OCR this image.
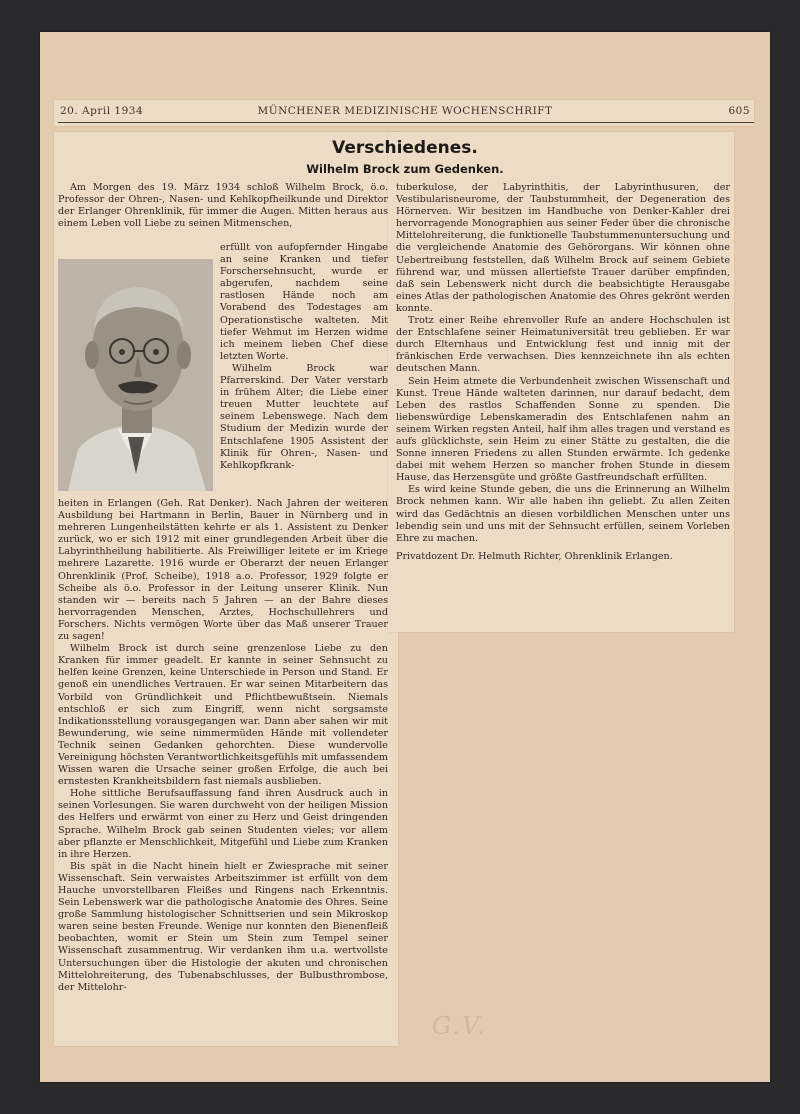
20. April 1934	MÜNCHENER MEDIZINISCHE WOCHENSCHRIFT	605
Verschiedenes.
Wilhelm Brock zum Gedenken.

Am Morgen des 19. März 1934 schloß Wilhelm Brock, ö.o. Professor der Ohren-, Nasen- und Kehlkopfheilkunde und Direktor der Erlanger Ohrenklinik, für immer die Augen. Mitten heraus aus einem Leben voll Liebe zu seinen Mitmenschen,

erfüllt von aufopfernder Hingabe an seine Kranken und tiefer Forschersehnsucht, wurde er abgerufen, nachdem seine rastlosen Hände noch am Vorabend des Todestages am Operationstische walteten. Mit tiefer Wehmut im Herzen widme ich meinem lieben Chef diese letzten Worte.

Wilhelm Brock war Pfarrerskind. Der Vater verstarb in frühem Alter; die Liebe einer treuen Mutter leuchtete auf seinem Lebenswege. Nach dem Studium der Medizin wurde der Entschlafene 1905 Assistent der Klinik für Ohren-, Nasen- und Kehlkopfkrank-

heiten in Erlangen (Geh. Rat Denker). Nach Jahren der weiteren Ausbildung bei Hartmann in Berlin, Bauer in Nürnberg und in mehreren Lungenheilstätten kehrte er als 1. Assistent zu Denker zurück, wo er sich 1912 mit einer grundlegenden Arbeit über die Labyrinthheilung habilitierte. Als Freiwilliger leitete er im Kriege mehrere Lazarette. 1916 wurde er Oberarzt der neuen Erlanger Ohrenklinik (Prof. Scheibe), 1918 a.o. Professor, 1929 folgte er Scheibe als ö.o. Professor in der Leitung unserer Klinik. Nun standen wir — bereits nach 5 Jahren — an der Bahre dieses hervorragenden Menschen, Arztes, Hochschullehrers und Forschers. Nichts vermögen Worte über das Maß unserer Trauer zu sagen!

Wilhelm Brock ist durch seine grenzenlose Liebe zu den Kranken für immer geadelt. Er kannte in seiner Sehnsucht zu helfen keine Grenzen, keine Unterschiede in Person und Stand. Er genoß ein unendliches Vertrauen. Er war seinen Mitarbeitern das Vorbild von Gründlichkeit und Pflichtbewußtsein. Niemals entschloß er sich zum Eingriff, wenn nicht sorgsamste Indikationsstellung vorausgegangen war. Dann aber sahen wir mit Bewunderung, wie seine nimmermüden Hände mit vollendeter Technik seinen Gedanken gehorchten. Diese wundervolle Vereinigung höchsten Verantwortlichkeitsgefühls mit umfassendem Wissen waren die Ursache seiner großen Erfolge, die auch bei ernstesten Krankheitsbildern fast niemals ausblieben.

Hohe sittliche Berufsauffassung fand ihren Ausdruck auch in seinen Vorlesungen. Sie waren durchweht von der heiligen Mission des Helfers und erwärmt von einer zu Herz und Geist dringenden Sprache. Wilhelm Brock gab seinen Studenten vieles; vor allem aber pflanzte er Menschlichkeit, Mitgefühl und Liebe zum Kranken in ihre Herzen.

Bis spät in die Nacht hinein hielt er Zwiesprache mit seiner Wissenschaft. Sein verwaistes Arbeitszimmer ist erfüllt von dem Hauche unvorstellbaren Fleißes und Ringens nach Erkenntnis. Sein Lebenswerk war die pathologische Anatomie des Ohres. Seine große Sammlung histologischer Schnittserien und sein Mikroskop waren seine besten Freunde. Wenige nur konnten den Bienenfleiß beobachten, womit er Stein um Stein zum Tempel seiner Wissenschaft zusammentrug. Wir verdanken ihm u.a. wertvollste Untersuchungen über die Histologie der akuten und chronischen Mittelohreiterung, des Tubenabschlusses, der Bulbusthrombose, der Mittelohr-

tuberkulose, der Labyrinthitis, der Labyrinthusuren, der Vestibularisneurome, der Taubstummheit, der Degeneration des Hörnerven. Wir besitzen im Handbuche von Denker-Kahler drei hervorragende Monographien aus seiner Feder über die chronische Mittelohreiterung, die funktionelle Taubstummenuntersuchung und die vergleichende Anatomie des Gehörorgans. Wir können ohne Uebertreibung feststellen, daß Wilhelm Brock auf seinem Gebiete führend war, und müssen allertiefste Trauer darüber empfinden, daß sein Lebenswerk nicht durch die beabsichtigte Herausgabe eines Atlas der pathologischen Anatomie des Ohres gekrönt werden konnte.

Trotz einer Reihe ehrenvoller Rufe an andere Hochschulen ist der Entschlafene seiner Heimatuniversität treu geblieben. Er war durch Elternhaus und Entwicklung fest und innig mit der fränkischen Erde verwachsen. Dies kennzeichnete ihn als echten deutschen Mann.

Sein Heim atmete die Verbundenheit zwischen Wissenschaft und Kunst. Treue Hände walteten darinnen, nur darauf bedacht, dem Leben des rastlos Schaffenden Sonne zu spenden. Die liebenswürdige Lebenskameradin des Entschlafenen nahm an seinem Wirken regsten Anteil, half ihm alles tragen und verstand es aufs glücklichste, sein Heim zu einer Stätte zu gestalten, die die Sonne inneren Friedens zu allen Stunden erwärmte. Ich gedenke dabei mit wehem Herzen so mancher frohen Stunde in diesem Hause, das Herzensgüte und größte Gastfreundschaft erfüllten.

Es wird keine Stunde geben, die uns die Erinnerung an Wilhelm Brock nehmen kann. Wir alle haben ihn geliebt. Zu allen Zeiten wird das Gedächtnis an diesen vorbildlichen Menschen unter uns lebendig sein und uns mit der Sehnsucht erfüllen, seinem Vorleben Ehre zu machen.

Privatdozent Dr. Helmuth Richter, Ohrenklinik Erlangen.

G.V.
